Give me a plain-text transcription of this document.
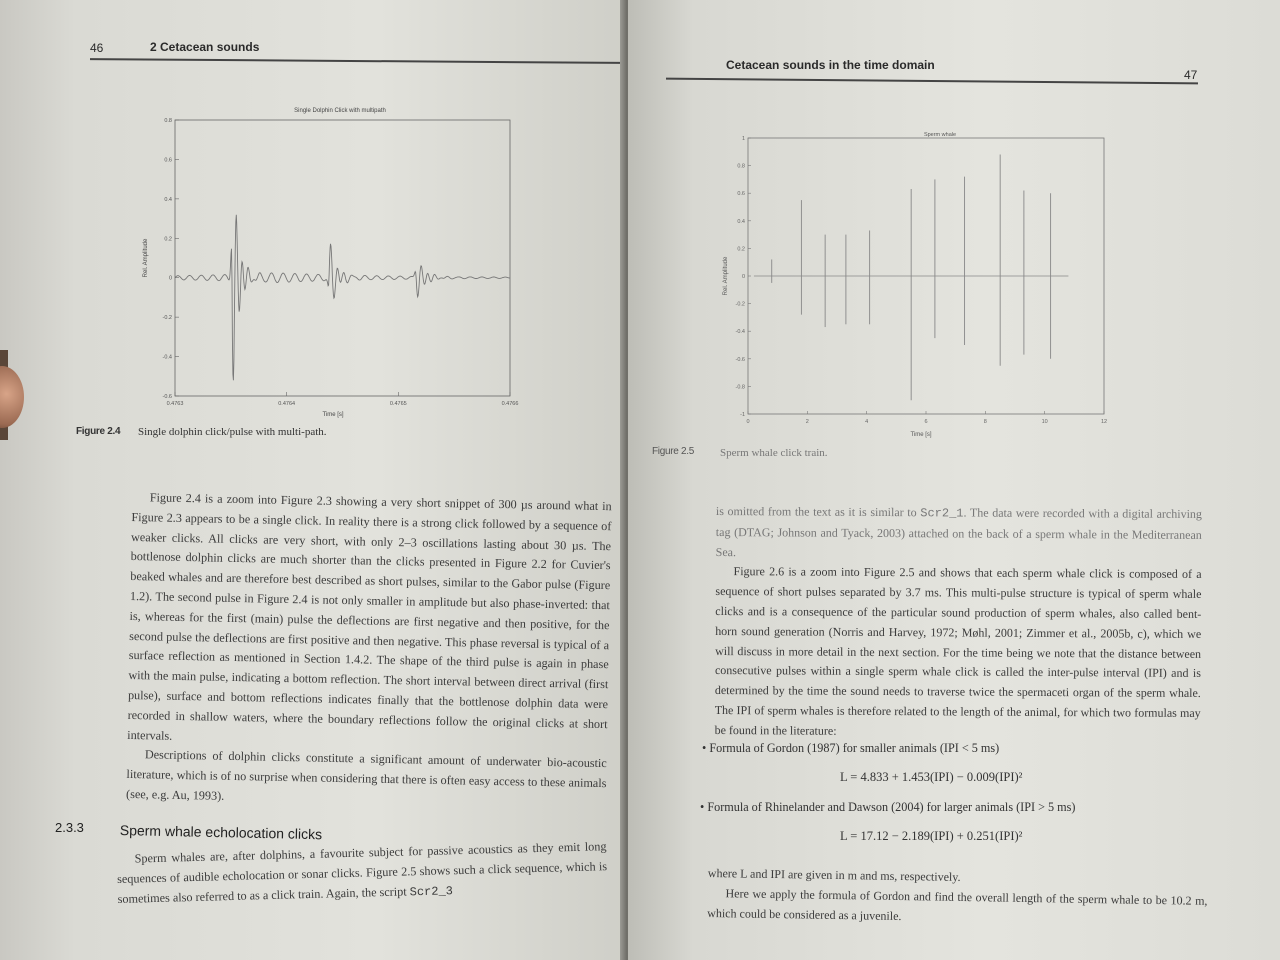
46	2 Cetacean sounds
Single Dolphin Click with multipath
0.8
0.6
0.4
0.2
0
-0.2
-0.4
-0.6
0.4763	0.4764	0.4765	0.4766
Rel. Amplitude
Time [s]
Figure 2.4 Single dolphin click/pulse with multi-path.

Figure 2.4 is a zoom into Figure 2.3 showing a very short snippet of 300 µs around what in Figure 2.3 appears to be a single click. In reality there is a strong click followed by a sequence of weaker clicks. All clicks are very short, with only 2–3 oscillations lasting about 30 µs. The bottlenose dolphin clicks are much shorter than the clicks presented in Figure 2.2 for Cuvier's beaked whales and are therefore best described as short pulses, similar to the Gabor pulse (Figure 1.2). The second pulse in Figure 2.4 is not only smaller in amplitude but also phase-inverted: that is, whereas for the first (main) pulse the deflections are first negative and then positive, for the second pulse the deflections are first positive and then negative. This phase reversal is typical of a surface reflection as mentioned in Section 1.4.2. The shape of the third pulse is again in phase with the main pulse, indicating a bottom reflection. The short interval between direct arrival (first pulse), surface and bottom reflections indicates finally that the bottlenose dolphin data were recorded in shallow waters, where the boundary reflections follow the original clicks at short intervals.

Descriptions of dolphin clicks constitute a significant amount of underwater bio-acoustic literature, which is of no surprise when considering that there is often easy access to these animals (see, e.g. Au, 1993).

2.3.3	Sperm whale echolocation clicks

Sperm whales are, after dolphins, a favourite subject for passive acoustics as they emit long sequences of audible echolocation or sonar clicks. Figure 2.5 shows such a click sequence, which is sometimes also referred to as a click train. Again, the script Scr2_3

Cetacean sounds in the time domain
47
Sperm whale
1
0.8
0.6
0.4
0.2
0
-0.2
-0.4
-0.6
-0.8
-1
0	2	4	6	8	10	12
Rel. Amplitude
Time [s]
Figure 2.5 Sperm whale click train.

is omitted from the text as it is similar to Scr2_1. The data were recorded with a digital archiving tag (DTAG; Johnson and Tyack, 2003) attached on the back of a sperm whale in the Mediterranean Sea.

Figure 2.6 is a zoom into Figure 2.5 and shows that each sperm whale click is composed of a sequence of short pulses separated by 3.7 ms. This multi-pulse structure is typical of sperm whale clicks and is a consequence of the particular sound production of sperm whales, also called bent-horn sound generation (Norris and Harvey, 1972; Møhl, 2001; Zimmer et al., 2005b, c), which we will discuss in more detail in the next section. For the time being we note that the distance between consecutive pulses within a single sperm whale click is called the inter-pulse interval (IPI) and is determined by the time the sound needs to traverse twice the spermaceti organ of the sperm whale. The IPI of sperm whales is therefore related to the length of the animal, for which two formulas may be found in the literature:

• Formula of Gordon (1987) for smaller animals (IPI < 5 ms)
L = 4.833 + 1.453(IPI) − 0.009(IPI)²
• Formula of Rhinelander and Dawson (2004) for larger animals (IPI > 5 ms)
L = 17.12 − 2.189(IPI) + 0.251(IPI)²

where L and IPI are given in m and ms, respectively.

Here we apply the formula of Gordon and find the overall length of the sperm whale to be 10.2 m, which could be considered as a juvenile.
